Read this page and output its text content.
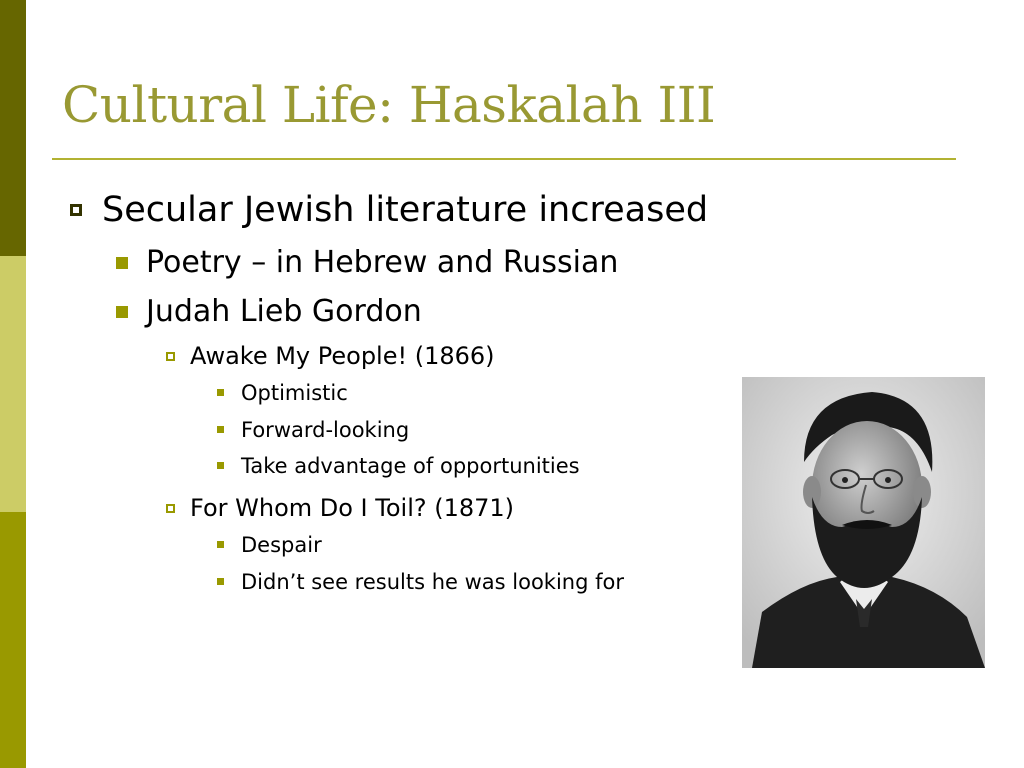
Cultural Life: Haskalah III
Secular Jewish literature increased
Poetry – in Hebrew and Russian
Judah Lieb Gordon
Awake My People! (1866)
Optimistic
Forward-looking
Take advantage of opportunities
For Whom Do I Toil? (1871)
Despair
Didn’t see results he was looking for
